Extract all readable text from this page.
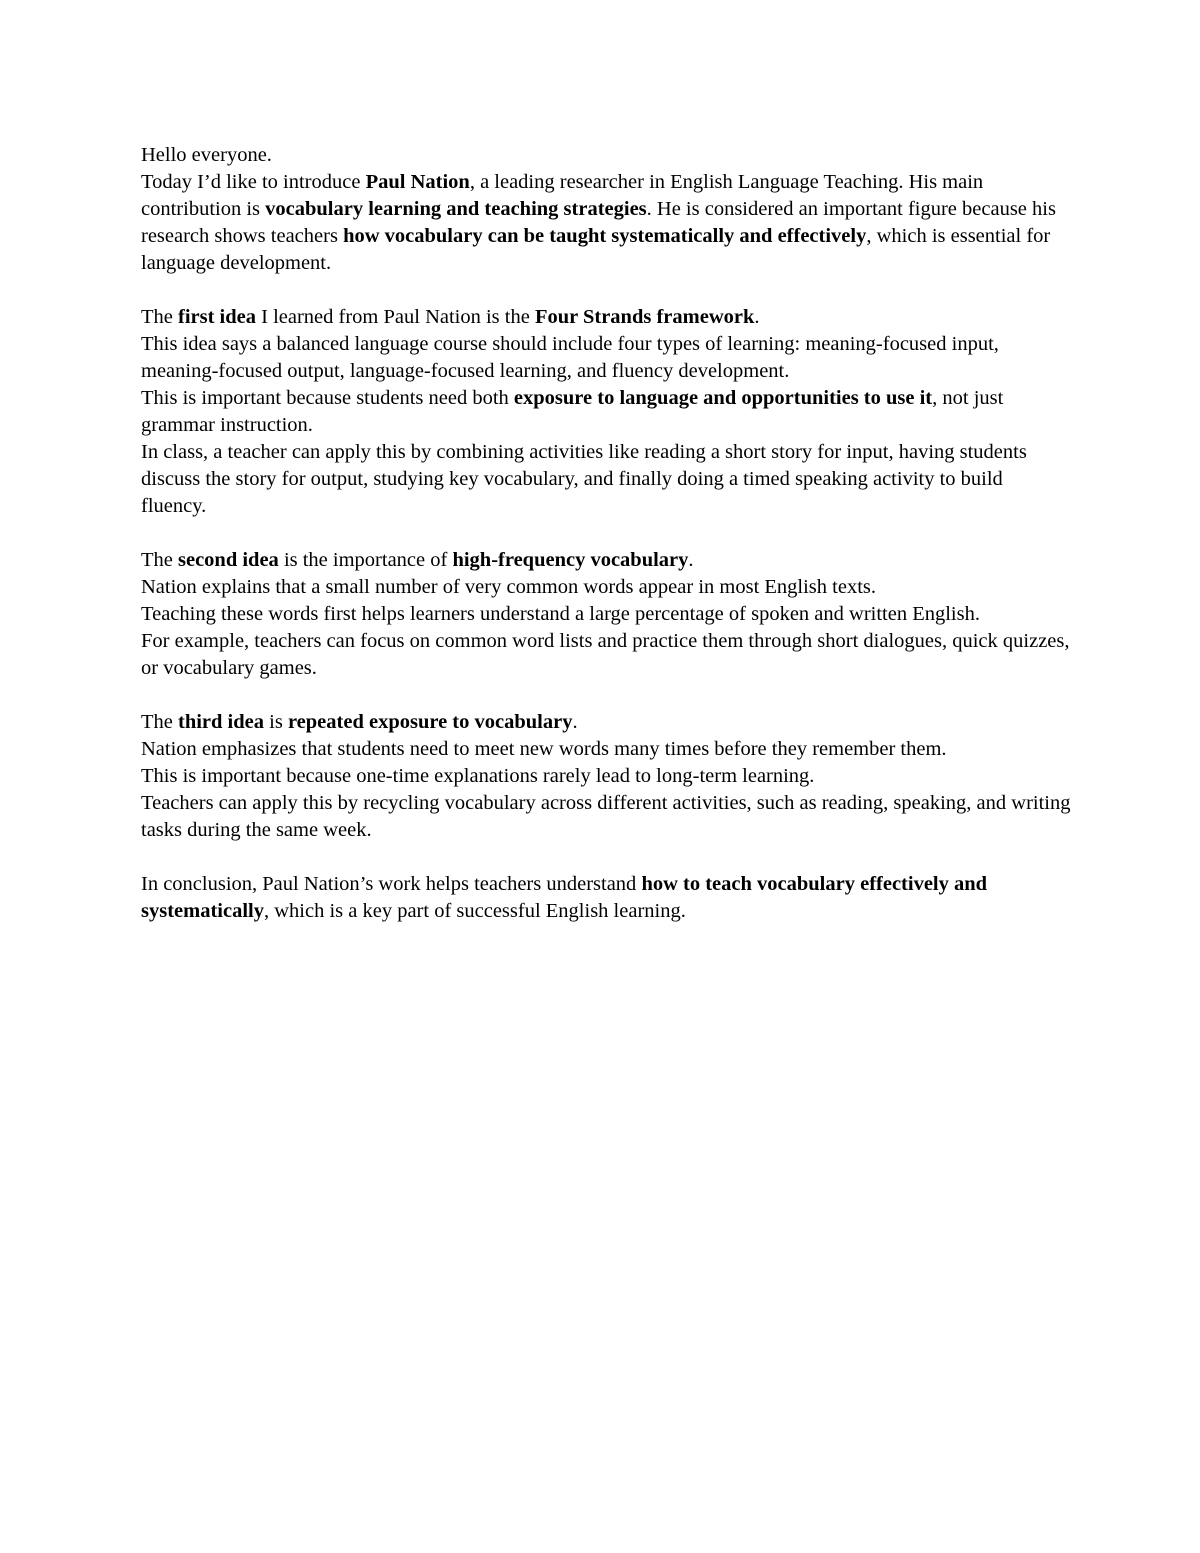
Hello everyone.
Today I’d like to introduce Paul Nation, a leading researcher in English Language Teaching. His main contribution is vocabulary learning and teaching strategies. He is considered an important figure because his research shows teachers how vocabulary can be taught systematically and effectively, which is essential for language development.
The first idea I learned from Paul Nation is the Four Strands framework.
This idea says a balanced language course should include four types of learning: meaning-focused input, meaning-focused output, language-focused learning, and fluency development.
This is important because students need both exposure to language and opportunities to use it, not just grammar instruction.
In class, a teacher can apply this by combining activities like reading a short story for input, having students discuss the story for output, studying key vocabulary, and finally doing a timed speaking activity to build fluency.
The second idea is the importance of high-frequency vocabulary.
Nation explains that a small number of very common words appear in most English texts.
Teaching these words first helps learners understand a large percentage of spoken and written English.
For example, teachers can focus on common word lists and practice them through short dialogues, quick quizzes, or vocabulary games.
The third idea is repeated exposure to vocabulary.
Nation emphasizes that students need to meet new words many times before they remember them.
This is important because one-time explanations rarely lead to long-term learning.
Teachers can apply this by recycling vocabulary across different activities, such as reading, speaking, and writing tasks during the same week.
In conclusion, Paul Nation’s work helps teachers understand how to teach vocabulary effectively and systematically, which is a key part of successful English learning.
